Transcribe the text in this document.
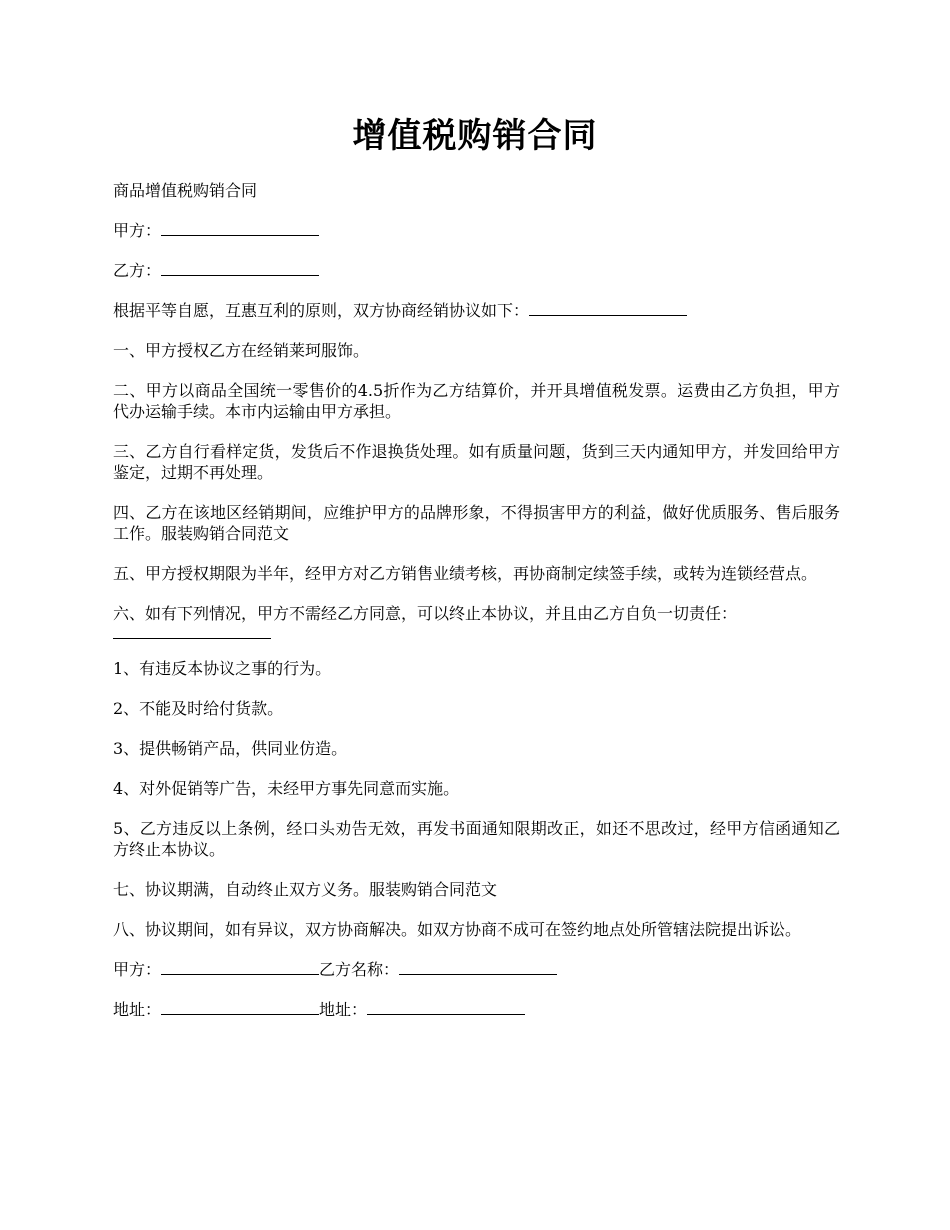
增值税购销合同

商品增值税购销合同

甲方：

乙方：

根据平等自愿，互惠互利的原则，双方协商经销协议如下：

一、甲方授权乙方在经销莱珂服饰。

二、甲方以商品全国统一零售价的4.5折作为乙方结算价，并开具增值税发票。运费由乙方负担，甲方代办运输手续。本市内运输由甲方承担。

三、乙方自行看样定货，发货后不作退换货处理。如有质量问题，货到三天内通知甲方，并发回给甲方鉴定，过期不再处理。

四、乙方在该地区经销期间，应维护甲方的品牌形象，不得损害甲方的利益，做好优质服务、售后服务工作。服装购销合同范文

五、甲方授权期限为半年，经甲方对乙方销售业绩考核，再协商制定续签手续，或转为连锁经营点。

六、如有下列情况，甲方不需经乙方同意，可以终止本协议，并且由乙方自负一切责任：

1、有违反本协议之事的行为。

2、不能及时给付货款。

3、提供畅销产品，供同业仿造。

4、对外促销等广告，未经甲方事先同意而实施。

5、乙方违反以上条例，经口头劝告无效，再发书面通知限期改正，如还不思改过，经甲方信函通知乙方终止本协议。

七、协议期满，自动终止双方义务。服装购销合同范文

八、协议期间，如有异议，双方协商解决。如双方协商不成可在签约地点处所管辖法院提出诉讼。

甲方：	乙方名称：

地址：	地址：
